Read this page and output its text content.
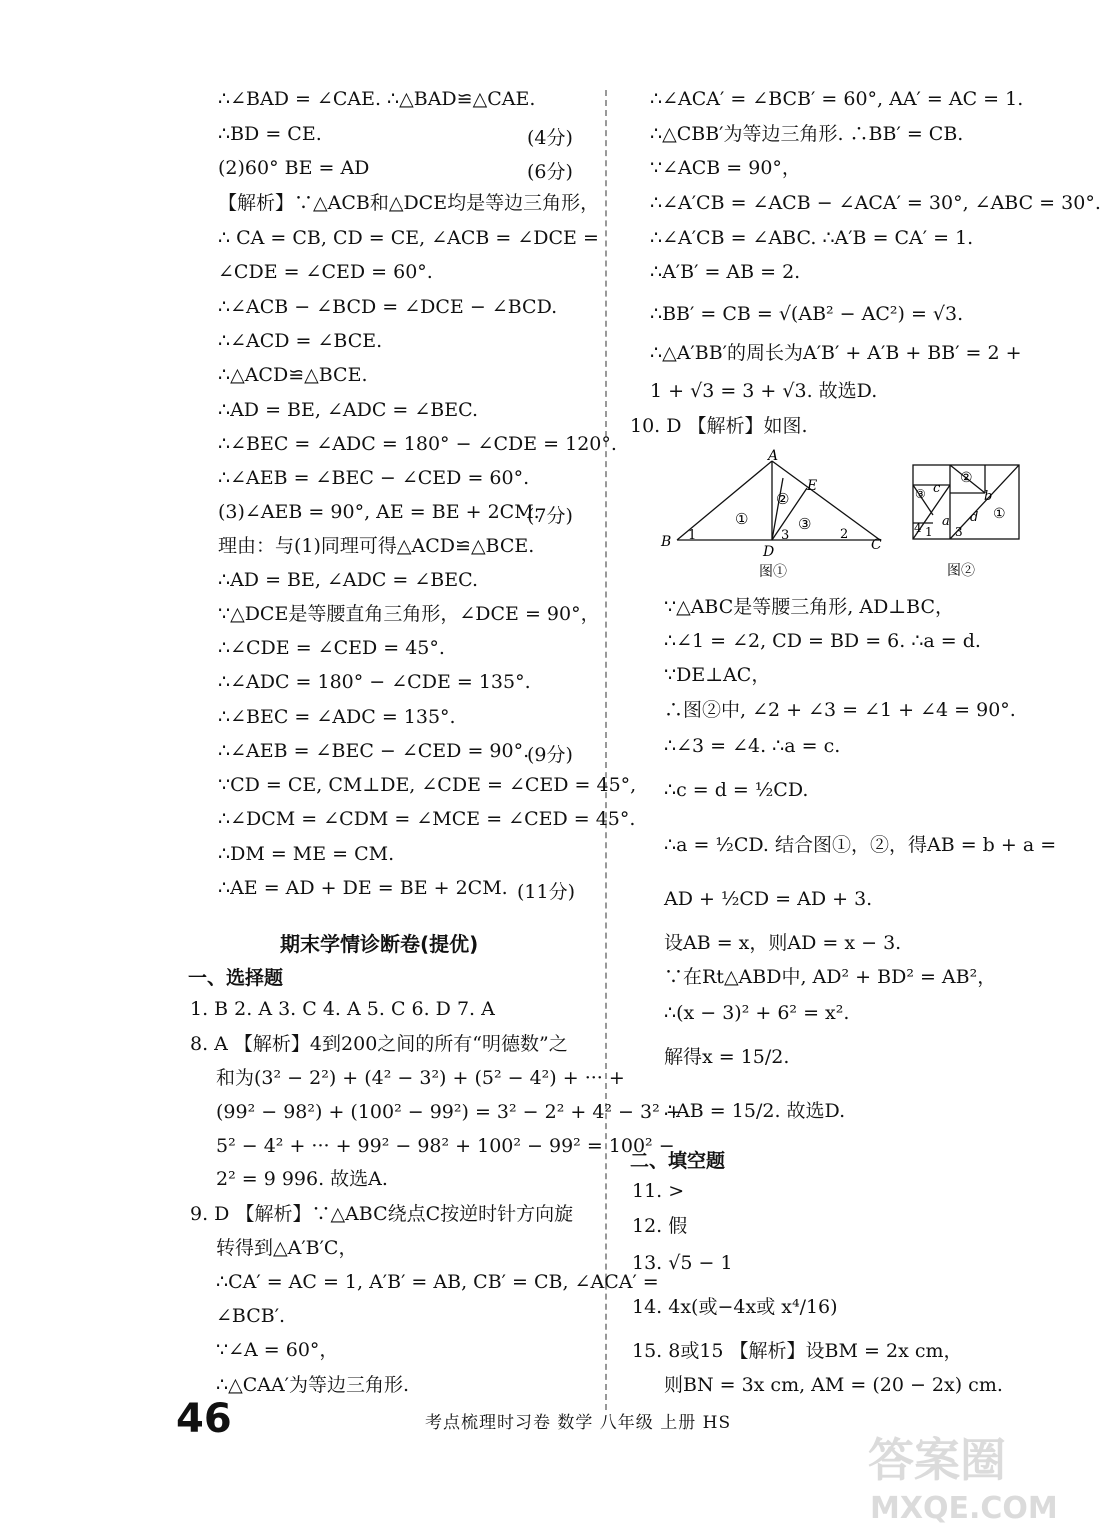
∴∠BAD = ∠CAE. ∴△BAD≌△CAE.
∴BD = CE.	(4分)
(2)60° BE = AD	(6分)
【解析】∵△ACB和△DCE均是等边三角形，
∴ CA = CB, CD = CE, ∠ACB = ∠DCE =
∠CDE = ∠CED = 60°.
∴∠ACB − ∠BCD = ∠DCE − ∠BCD.
∴∠ACD = ∠BCE.
∴△ACD≌△BCE.
∴AD = BE, ∠ADC = ∠BEC.
∴∠BEC = ∠ADC = 180° − ∠CDE = 120°.
∴∠AEB = ∠BEC − ∠CED = 60°.
(3)∠AEB = 90°, AE = BE + 2CM.
(7分)
理由：与(1)同理可得△ACD≌△BCE.
∴AD = BE, ∠ADC = ∠BEC.
∵△DCE是等腰直角三角形，∠DCE = 90°，
∴∠CDE = ∠CED = 45°.
∴∠ADC = 180° − ∠CDE = 135°.
∴∠BEC = ∠ADC = 135°.
∴∠AEB = ∠BEC − ∠CED = 90°.
(9分)
∵CD = CE, CM⊥DE, ∠CDE = ∠CED = 45°,
∴∠DCM = ∠CDM = ∠MCE = ∠CED = 45°.
∴DM = ME = CM.
∴AE = AD + DE = BE + 2CM. (11分)
期末学情诊断卷(提优)
一、选择题
1. B 2. A 3. C 4. A 5. C 6. D 7. A
8. A 【解析】4到200之间的所有“明德数”之
和为(3² − 2²) + (4² − 3²) + (5² − 4²) + ··· +
(99² − 98²) + (100² − 99²) = 3² − 2² + 4² − 3² +
5² − 4² + ··· + 99² − 98² + 100² − 99² = 100² −
2² = 9 996. 故选A.
9. D 【解析】∵△ABC绕点C按逆时针方向旋
转得到△A′B′C，
∴CA′ = AC = 1, A′B′ = AB, CB′ = CB, ∠ACA′ =
∠BCB′.
∵∠A = 60°，
∴△CAA′为等边三角形.
∴∠ACA′ = ∠BCB′ = 60°, AA′ = AC = 1.
∴△CBB′为等边三角形. ∴BB′ = CB.
∵∠ACB = 90°，
∴∠A′CB = ∠ACB − ∠ACA′ = 30°, ∠ABC = 30°.
∴∠A′CB = ∠ABC. ∴A′B = CA′ = 1.
∴A′B′ = AB = 2.
∴BB′ = CB = √(AB² − AC²) = √3.
∴△A′BB′的周长为A′B′ + A′B + BB′ = 2 +
1 + √3 = 3 + √3. 故选D.
10. D 【解析】如图.
A
B	C
D
E
1	2
3
①
②
③
图①
③ c
②
b
①
d
a
4 1 3
图②
∵△ABC是等腰三角形, AD⊥BC，
∴∠1 = ∠2, CD = BD = 6. ∴a = d.
∵DE⊥AC，
∴图②中, ∠2 + ∠3 = ∠1 + ∠4 = 90°.
∴∠3 = ∠4. ∴a = c.
∴c = d = ½CD.
∴a = ½CD. 结合图①，②，得AB = b + a =
AD + ½CD = AD + 3.
设AB = x，则AD = x − 3.
∵在Rt△ABD中, AD² + BD² = AB²，
∴(x − 3)² + 6² = x².
解得x = 15/2.
∴AB = 15/2. 故选D.
二、填空题
11. >
12. 假
13. √5 − 1
14. 4x(或−4x或 x⁴/16)
15. 8或15 【解析】设BM = 2x cm，
则BN = 3x cm, AM = (20 − 2x) cm.
46	考点梳理时习卷 数学 八年级 上册 HS
答案圈
MXQE.COM
